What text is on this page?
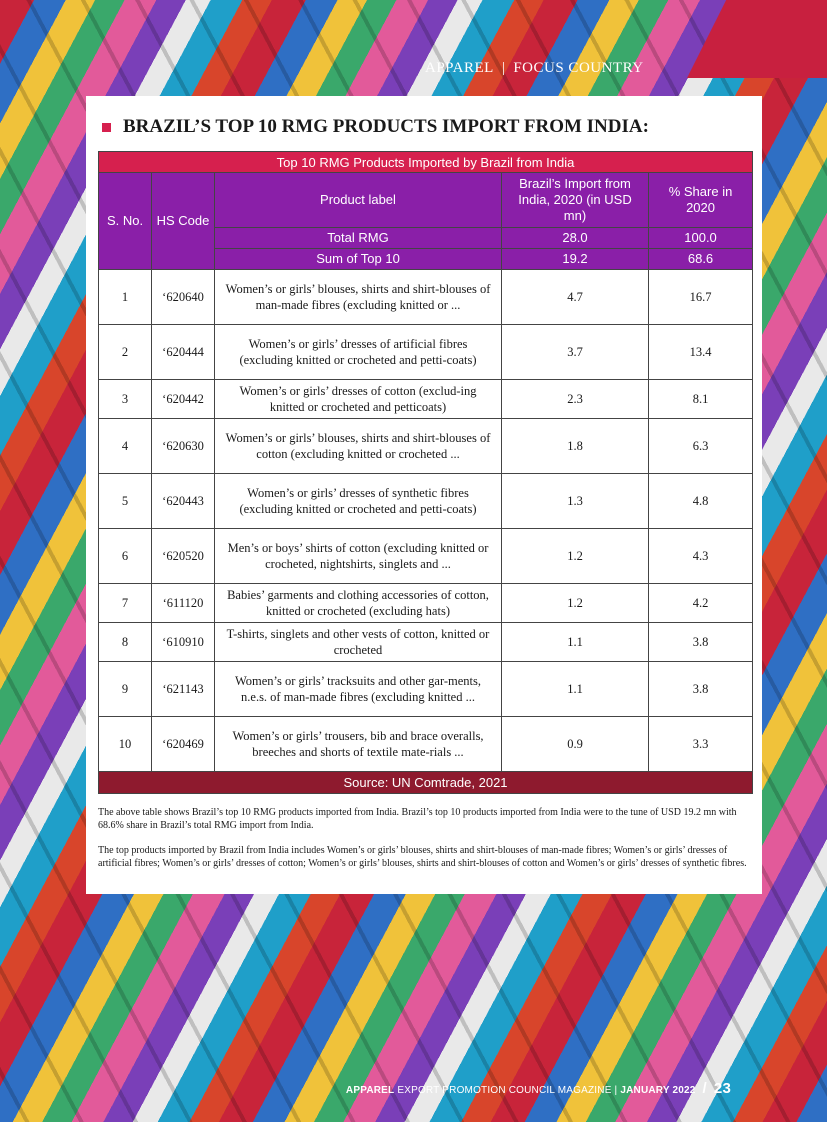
APPAREL | FOCUS COUNTRY
BRAZIL’S TOP 10 RMG PRODUCTS IMPORT FROM INDIA:
Top 10 RMG Products Imported by Brazil from India				
S. No.	HS Code	Product label	Brazil’s Import from India, 2020 (in USD mn)	% Share in 2020
		Total RMG	28.0	100.0
		Sum of Top 10	19.2	68.6
1	‘620640	Women’s or girls’ blouses, shirts and shirt-blouses of man-made fibres (excluding knitted or ...	4.7	16.7
2	‘620444	Women’s or girls’ dresses of artificial fibres (excluding knitted or crocheted and petti-coats)	3.7	13.4
3	‘620442	Women’s or girls’ dresses of cotton (exclud-ing knitted or crocheted and petticoats)	2.3	8.1
4	‘620630	Women’s or girls’ blouses, shirts and shirt-blouses of cotton (excluding knitted or crocheted ...	1.8	6.3
5	‘620443	Women’s or girls’ dresses of synthetic fibres (excluding knitted or crocheted and petti-coats)	1.3	4.8
6	‘620520	Men’s or boys’ shirts of cotton (excluding knitted or crocheted, nightshirts, singlets and ...	1.2	4.3
7	‘611120	Babies’ garments and clothing accessories of cotton, knitted or crocheted (excluding hats)	1.2	4.2
8	‘610910	T-shirts, singlets and other vests of cotton, knitted or crocheted	1.1	3.8
9	‘621143	Women’s or girls’ tracksuits and other gar-ments, n.e.s. of man-made fibres (excluding knitted ...	1.1	3.8
10	‘620469	Women’s or girls’ trousers, bib and brace overalls, breeches and shorts of textile mate-rials ...	0.9	3.3
Source: UN Comtrade, 2021				

The above table shows Brazil’s top 10 RMG products imported from India. Brazil’s top 10 products imported from India were to the tune of USD 19.2 mn with 68.6% share in Brazil’s total RMG import from India.

The top products imported by Brazil from India includes Women’s or girls’ blouses, shirts and shirt-blouses of man-made fibres; Women’s or girls’ dresses of artificial fibres; Women’s or girls’ dresses of cotton; Women’s or girls’ blouses, shirts and shirt-blouses of cotton and Women’s or girls’ dresses of synthetic fibres.

APPAREL EXPORT PROMOTION COUNCIL MAGAZINE | JANUARY 2022 / 23
